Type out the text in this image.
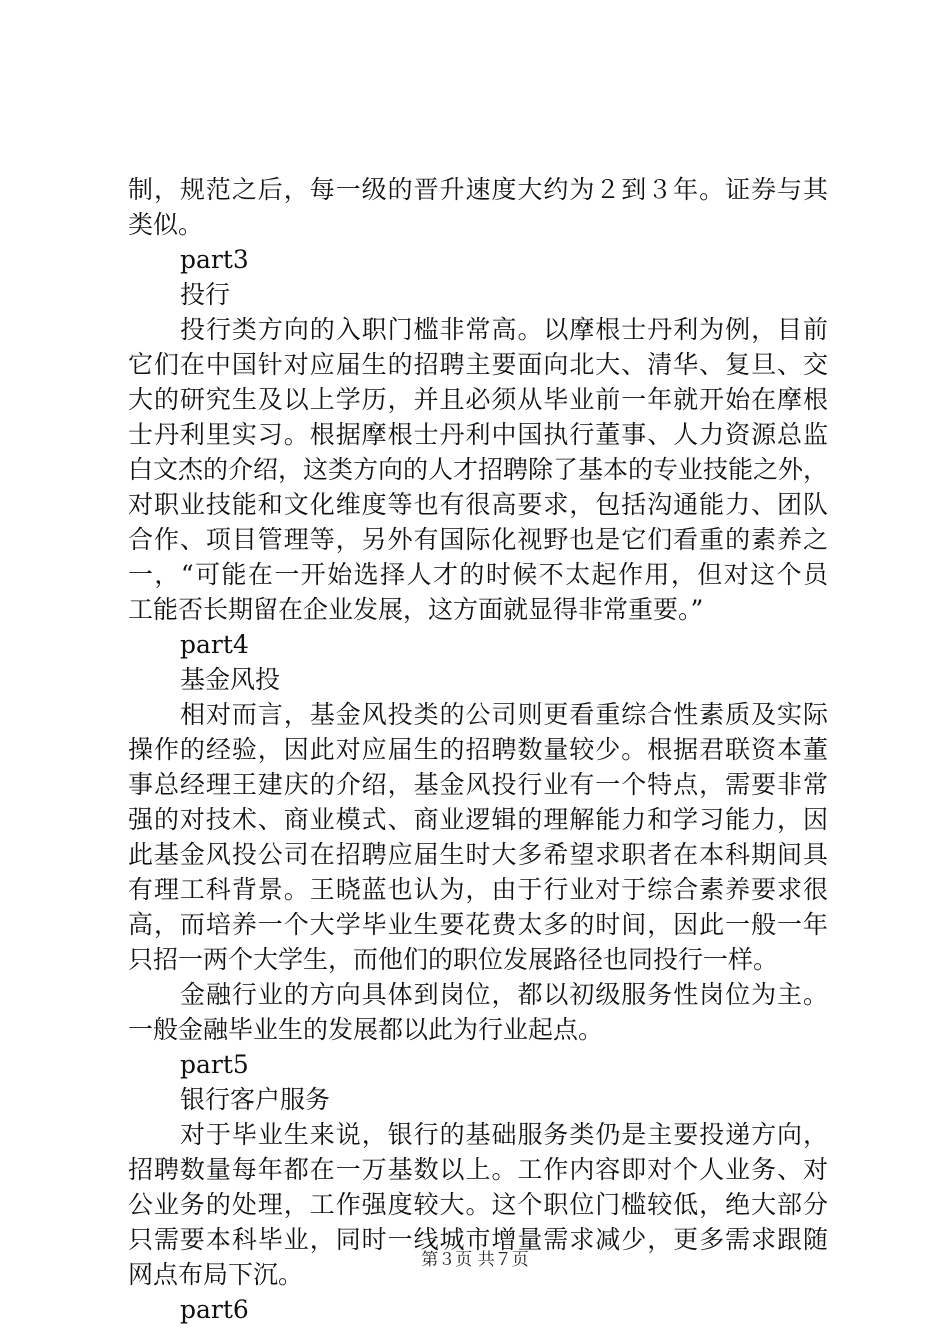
制，规范之后，每一级的晋升速度大约为２到３年。证券与其
类似。
part3
投行
投行类方向的入职门槛非常高。以摩根士丹利为例，目前
它们在中国针对应届生的招聘主要面向北大、清华、复旦、交
大的研究生及以上学历，并且必须从毕业前一年就开始在摩根
士丹利里实习。根据摩根士丹利中国执行董事、人力资源总监
白文杰的介绍，这类方向的人才招聘除了基本的专业技能之外，
对职业技能和文化维度等也有很高要求，包括沟通能力、团队
合作、项目管理等，另外有国际化视野也是它们看重的素养之
一，“可能在一开始选择人才的时候不太起作用，但对这个员
工能否长期留在企业发展，这方面就显得非常重要。”
part4
基金风投
相对而言，基金风投类的公司则更看重综合性素质及实际
操作的经验，因此对应届生的招聘数量较少。根据君联资本董
事总经理王建庆的介绍，基金风投行业有一个特点，需要非常
强的对技术、商业模式、商业逻辑的理解能力和学习能力，因
此基金风投公司在招聘应届生时大多希望求职者在本科期间具
有理工科背景。王晓蓝也认为，由于行业对于综合素养要求很
高，而培养一个大学毕业生要花费太多的时间，因此一般一年
只招一两个大学生，而他们的职位发展路径也同投行一样。
金融行业的方向具体到岗位，都以初级服务性岗位为主。
一般金融毕业生的发展都以此为行业起点。
part5
银行客户服务
对于毕业生来说，银行的基础服务类仍是主要投递方向，
招聘数量每年都在一万基数以上。工作内容即对个人业务、对
公业务的处理，工作强度较大。这个职位门槛较低，绝大部分
只需要本科毕业，同时一线城市增量需求减少，更多需求跟随
网点布局下沉。
part6
第３页 共７页
